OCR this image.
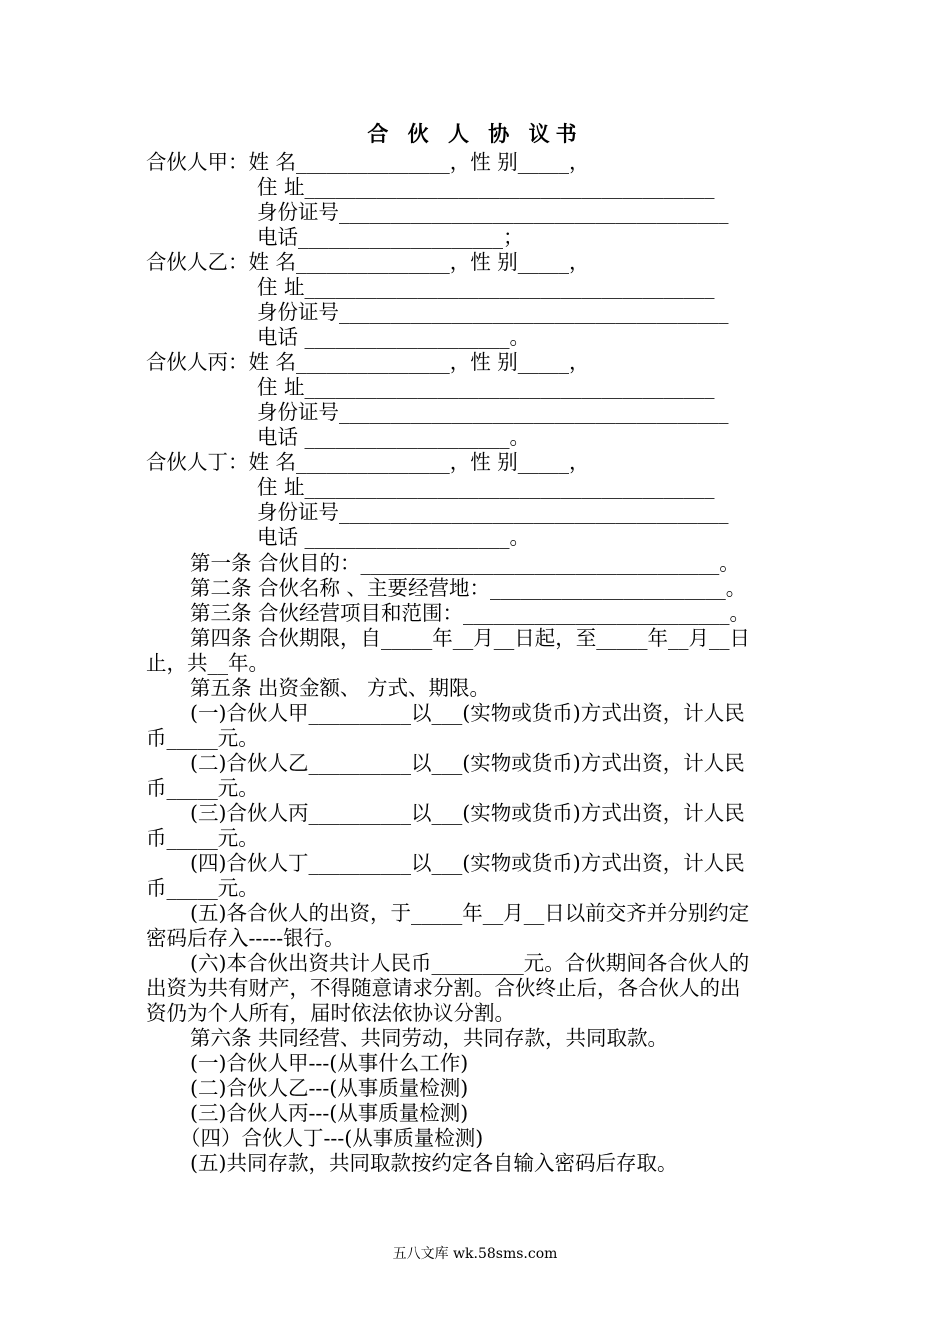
合 伙 人 协 议书
合伙人甲：姓 名_______________，性 别_____，
住 址________________________________________
身份证号______________________________________
电话____________________；
合伙人乙：姓 名_______________，性 别_____，
住 址________________________________________
身份证号______________________________________
电话 ____________________。
合伙人丙：姓 名_______________，性 别_____，
住 址________________________________________
身份证号______________________________________
电话 ____________________。
合伙人丁：姓 名_______________，性 别_____，
住 址________________________________________
身份证号______________________________________
电话 ____________________。
第一条 合伙目的：___________________________________。
第二条 合伙名称 、主要经营地：_______________________。
第三条 合伙经营项目和范围：__________________________。
第四条 合伙期限，自_____年__月__日起，至_____年__月__日
止，共__年。
第五条 出资金额、 方式、期限。
(一)合伙人甲__________以___(实物或货币)方式出资，计人民
币_____元。
(二)合伙人乙__________以___(实物或货币)方式出资，计人民
币_____元。
(三)合伙人丙__________以___(实物或货币)方式出资，计人民
币_____元。
(四)合伙人丁__________以___(实物或货币)方式出资，计人民
币_____元。
(五)各合伙人的出资，于_____年__月__日以前交齐并分别约定
密码后存入-----银行。
(六)本合伙出资共计人民币_________元。合伙期间各合伙人的
出资为共有财产，不得随意请求分割。合伙终止后，各合伙人的出
资仍为个人所有，届时依法依协议分割。
第六条 共同经营、共同劳动，共同存款，共同取款。
(一)合伙人甲---(从事什么工作)
(二)合伙人乙---(从事质量检测)
(三)合伙人丙---(从事质量检测)
（四）合伙人丁---(从事质量检测)
(五)共同存款，共同取款按约定各自输入密码后存取。
五八文库 wk.58sms.com
